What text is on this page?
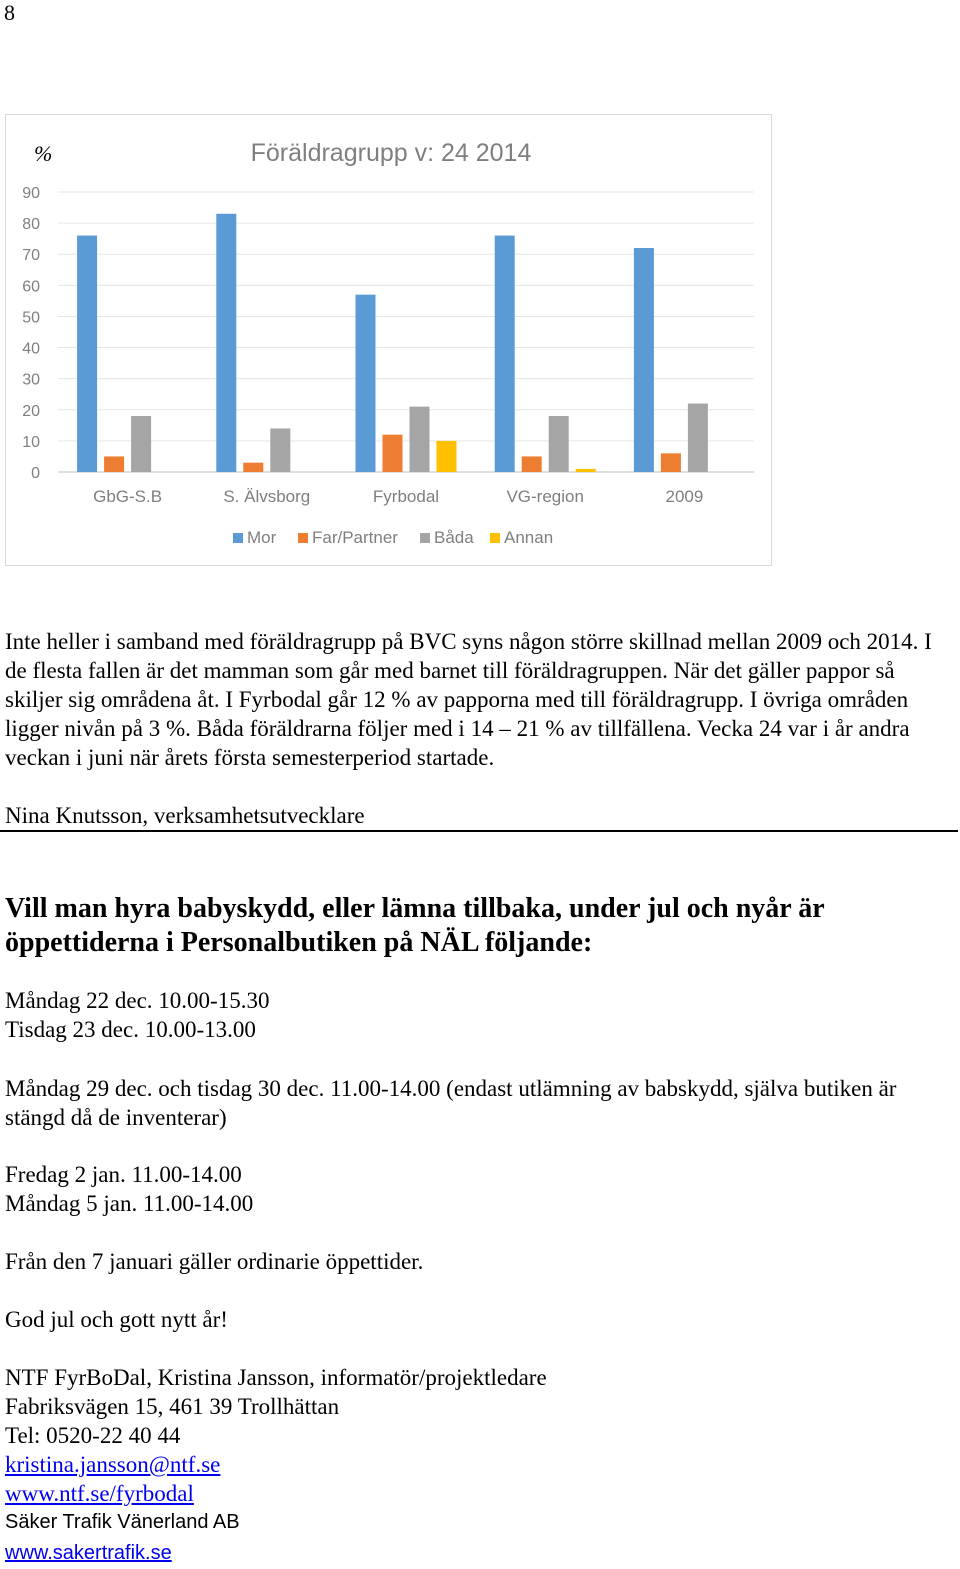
8
Föräldragrupp v: 24 2014
%
0
10
20
30
40
50
60
70
80
90
GbG-S.B	S. Älvsborg	Fyrbodal	VG-region	2009
Mor Far/Partner Båda Annan
Inte heller i samband med föräldragrupp på BVC syns någon större skillnad mellan 2009 och 2014. I de flesta fallen är det mamman som går med barnet till föräldragruppen. När det gäller pappor så skiljer sig områdena åt. I Fyrbodal går 12 % av papporna med till föräldragrupp. I övriga områden ligger nivån på 3 %. Båda föräldrarna följer med i 14 – 21 % av tillfällena. Vecka 24 var i år andra veckan i juni när årets första semesterperiod startade.
Nina Knutsson, verksamhetsutvecklare
Vill man hyra babyskydd, eller lämna tillbaka, under jul och nyår är öppettiderna i Personalbutiken på NÄL följande:
Måndag 22 dec. 10.00-15.30
Tisdag 23 dec. 10.00-13.00
Måndag 29 dec. och tisdag 30 dec. 11.00-14.00 (endast utlämning av babskydd, själva butiken är stängd då de inventerar)
Fredag 2 jan. 11.00-14.00
Måndag 5 jan. 11.00-14.00
Från den 7 januari gäller ordinarie öppettider.
God jul och gott nytt år!
NTF FyrBoDal, Kristina Jansson, informatör/projektledare
Fabriksvägen 15, 461 39 Trollhättan
Tel: 0520-22 40 44
kristina.jansson@ntf.se
www.ntf.se/fyrbodal
Säker Trafik Vänerland AB
www.sakertrafik.se
